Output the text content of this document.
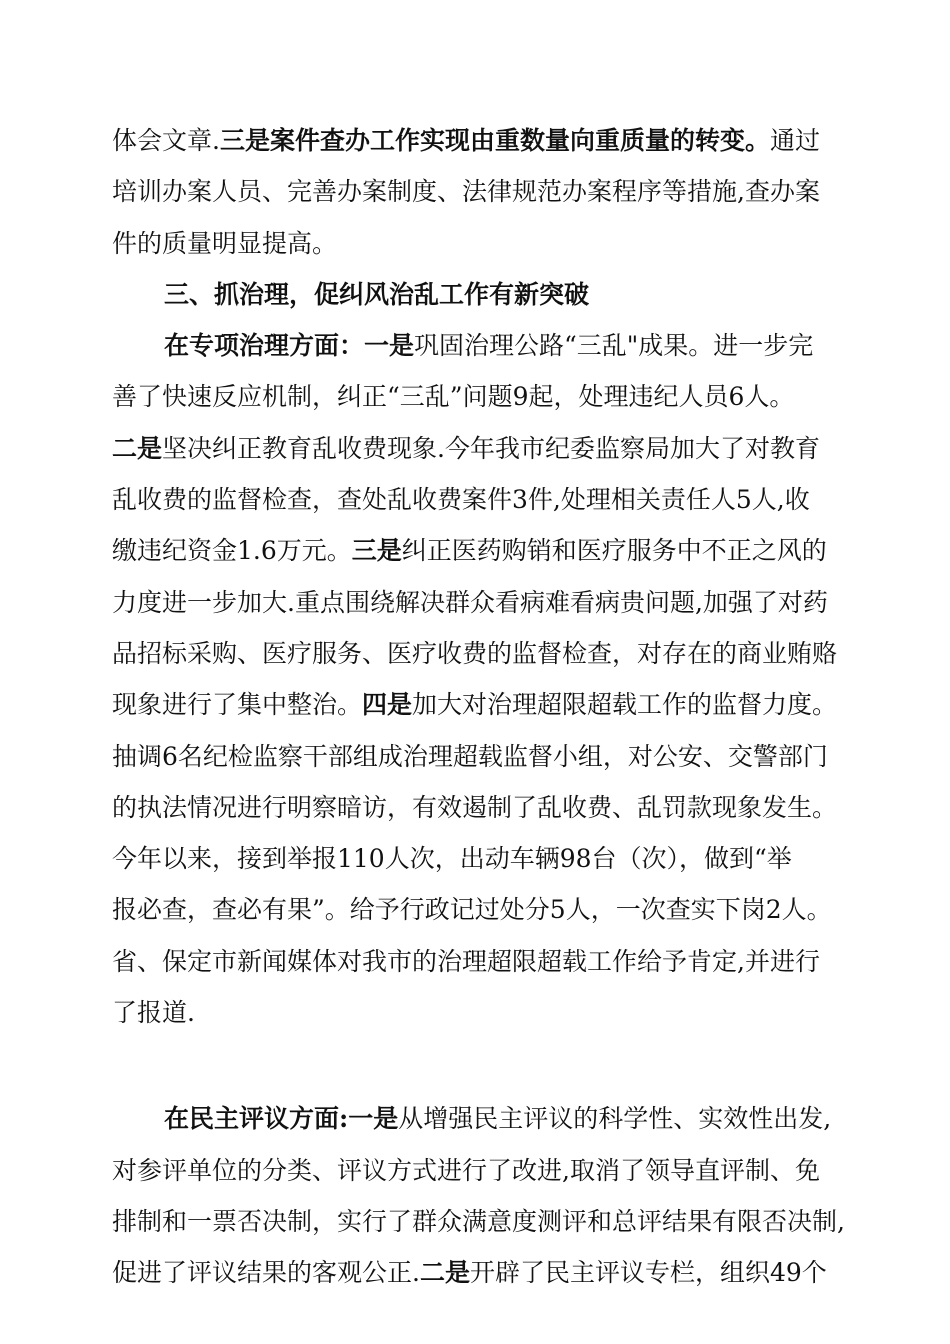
体会文章.三是案件查办工作实现由重数量向重质量的转变。通过
培训办案人员、完善办案制度、法律规范办案程序等措施,查办案
件的质量明显提高。
三、抓治理，促纠风治乱工作有新突破
在专项治理方面：一是巩固治理公路“三乱"成果。进一步完
善了快速反应机制，纠正“三乱”问题9起，处理违纪人员6人。
二是坚决纠正教育乱收费现象.今年我市纪委监察局加大了对教育
乱收费的监督检查，查处乱收费案件3件,处理相关责任人5人,收
缴违纪资金1.6万元。三是纠正医药购销和医疗服务中不正之风的
力度进一步加大.重点围绕解决群众看病难看病贵问题,加强了对药
品招标采购、医疗服务、医疗收费的监督检查，对存在的商业贿赂
现象进行了集中整治。四是加大对治理超限超载工作的监督力度。
抽调6名纪检监察干部组成治理超载监督小组，对公安、交警部门
的执法情况进行明察暗访，有效遏制了乱收费、乱罚款现象发生。
今年以来，接到举报110人次，出动车辆98台（次），做到“举
报必查，查必有果”。给予行政记过处分5人，一次查实下岗2人。
省、保定市新闻媒体对我市的治理超限超载工作给予肯定,并进行
了报道.
在民主评议方面:一是从增强民主评议的科学性、实效性出发,
对参评单位的分类、评议方式进行了改进,取消了领导直评制、免
排制和一票否决制，实行了群众满意度测评和总评结果有限否决制,
促进了评议结果的客观公正.二是开辟了民主评议专栏，组织49个
